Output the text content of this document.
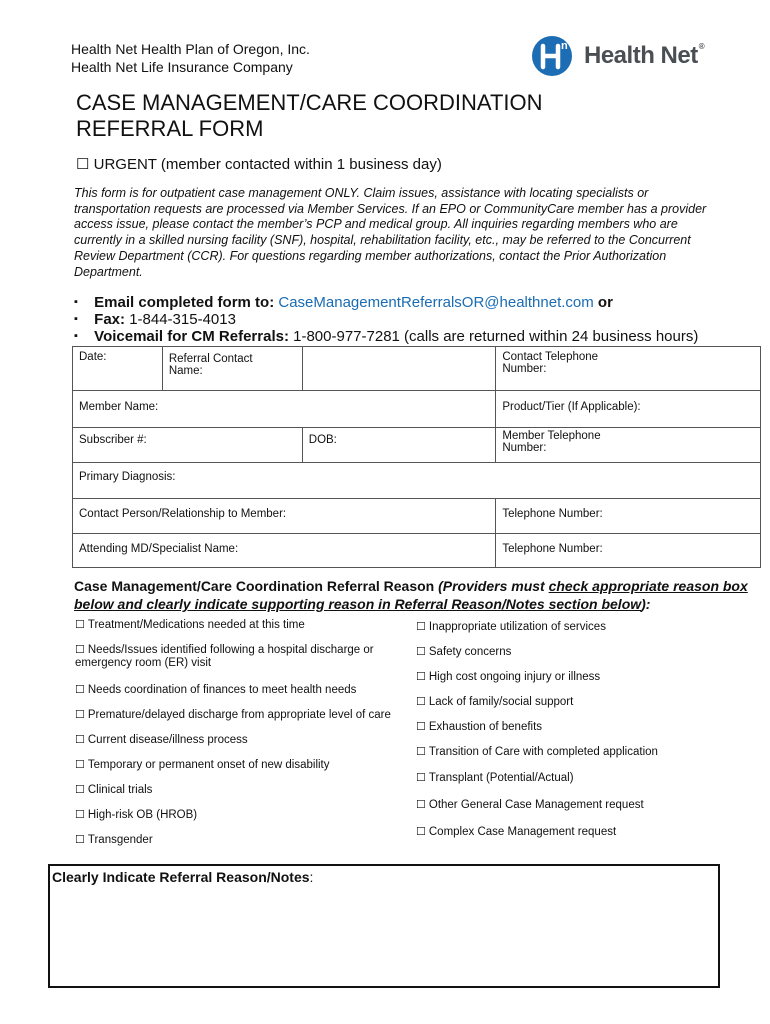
Health Net Health Plan of Oregon, Inc.
Health Net Life Insurance Company
n Health Net®
CASE MANAGEMENT/CARE COORDINATION
REFERRAL FORM
☐ URGENT (member contacted within 1 business day)
This form is for outpatient case management ONLY. Claim issues, assistance with locating specialists or transportation requests are processed via Member Services. If an EPO or CommunityCare member has a provider access issue, please contact the member’s PCP and medical group. All inquiries regarding members who are currently in a skilled nursing facility (SNF), hospital, rehabilitation facility, etc., may be referred to the Concurrent Review Department (CCR). For questions regarding member authorizations, contact the Prior Authorization Department.
▪ Email completed form to: CaseManagementReferralsOR@healthnet.com or
▪ Fax: 1-844-315-4013
▪ Voicemail for CM Referrals: 1-800-977-7281 (calls are returned within 24 business hours)
Date:	Referral Contact Name:		Contact Telephone Number:

Member Name:			Product/Tier (If Applicable):

Subscriber #:		DOB:	Member Telephone Number:

Primary Diagnosis:			

Contact Person/Relationship to Member:			Telephone Number:

Attending MD/Specialist Name:			Telephone Number:
Case Management/Care Coordination Referral Reason (Providers must check appropriate reason box below and clearly indicate supporting reason in Referral Reason/Notes section below):
☐ Treatment/Medications needed at this time
☐ Needs/Issues identified following a hospital discharge or emergency room (ER) visit
☐ Needs coordination of finances to meet health needs
☐ Premature/delayed discharge from appropriate level of care
☐ Current disease/illness process
☐ Temporary or permanent onset of new disability
☐ Clinical trials
☐ High-risk OB (HROB)
☐ Transgender
☐ Inappropriate utilization of services
☐ Safety concerns
☐ High cost ongoing injury or illness
☐ Lack of family/social support
☐ Exhaustion of benefits
☐ Transition of Care with completed application
☐ Transplant (Potential/Actual)
☐ Other General Case Management request
☐ Complex Case Management request
Clearly Indicate Referral Reason/Notes:
